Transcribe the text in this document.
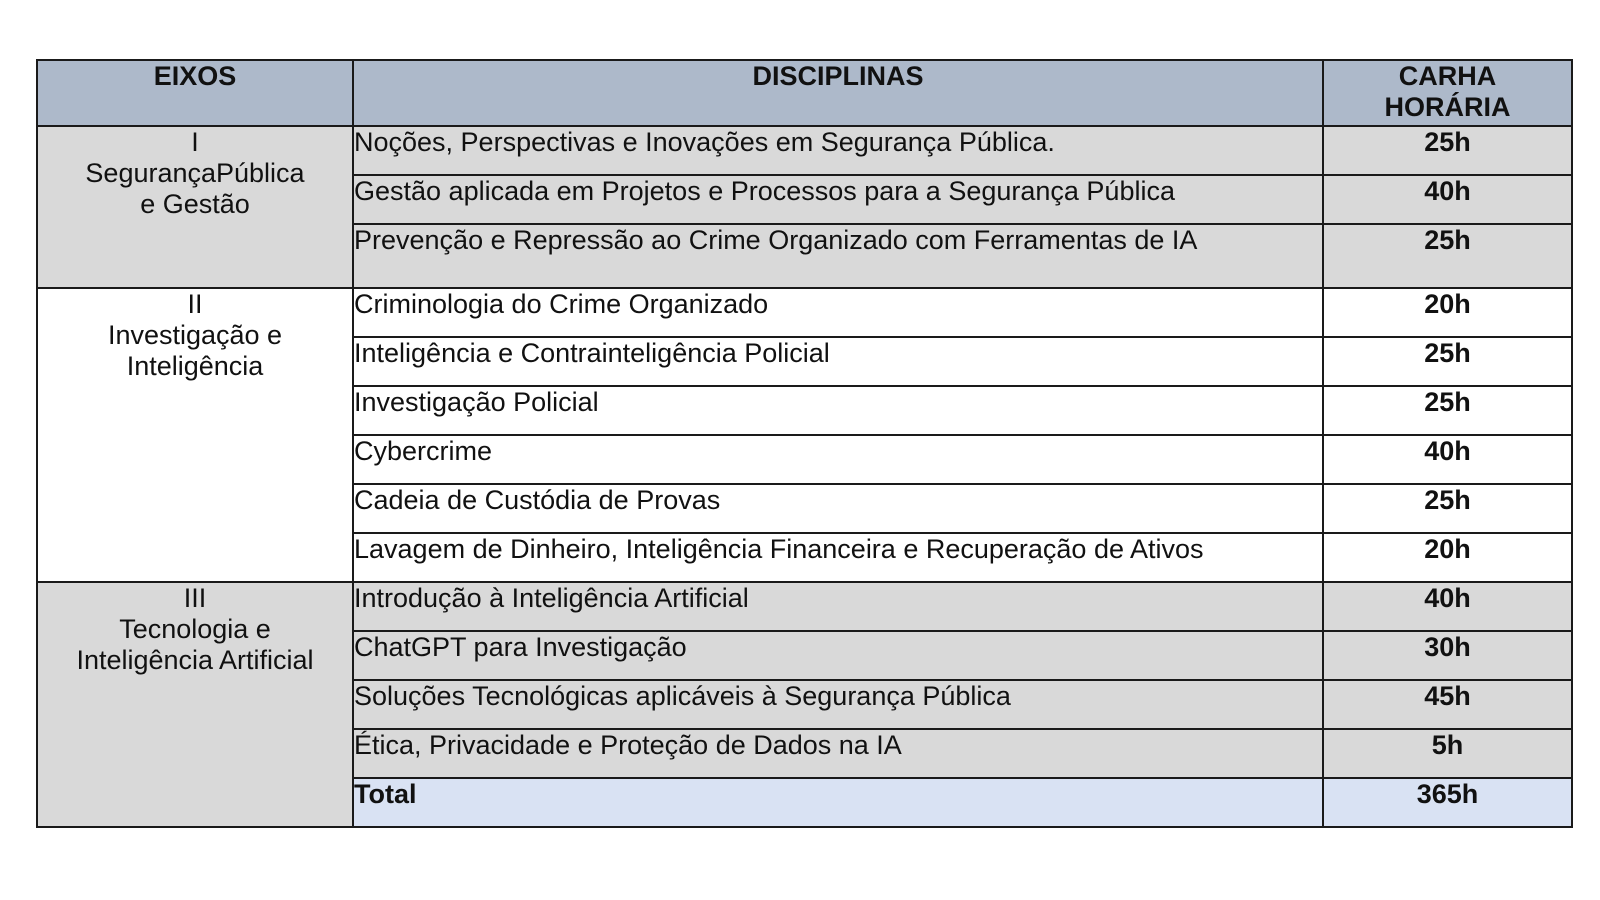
EIXOS	DISCIPLINAS	CARHA
HORÁRIA

I
SegurançaPública
e Gestão	Noções, Perspectivas e Inovações em Segurança Pública.	25h
	Gestão aplicada em Projetos e Processos para a Segurança Pública	40h
	Prevenção e Repressão ao Crime Organizado com Ferramentas de IA	25h

II
Investigação e
Inteligência	Criminologia do Crime Organizado	20h
	Inteligência e Contrainteligência Policial	25h
	Investigação Policial	25h
	Cybercrime	40h
	Cadeia de Custódia de Provas	25h
	Lavagem de Dinheiro, Inteligência Financeira e Recuperação de Ativos	20h

III
Tecnologia e
Inteligência Artificial	Introdução à Inteligência Artificial	40h
	ChatGPT para Investigação	30h
	Soluções Tecnológicas aplicáveis à Segurança Pública	45h
	Ética, Privacidade e Proteção de Dados na IA	5h
	Total	365h
